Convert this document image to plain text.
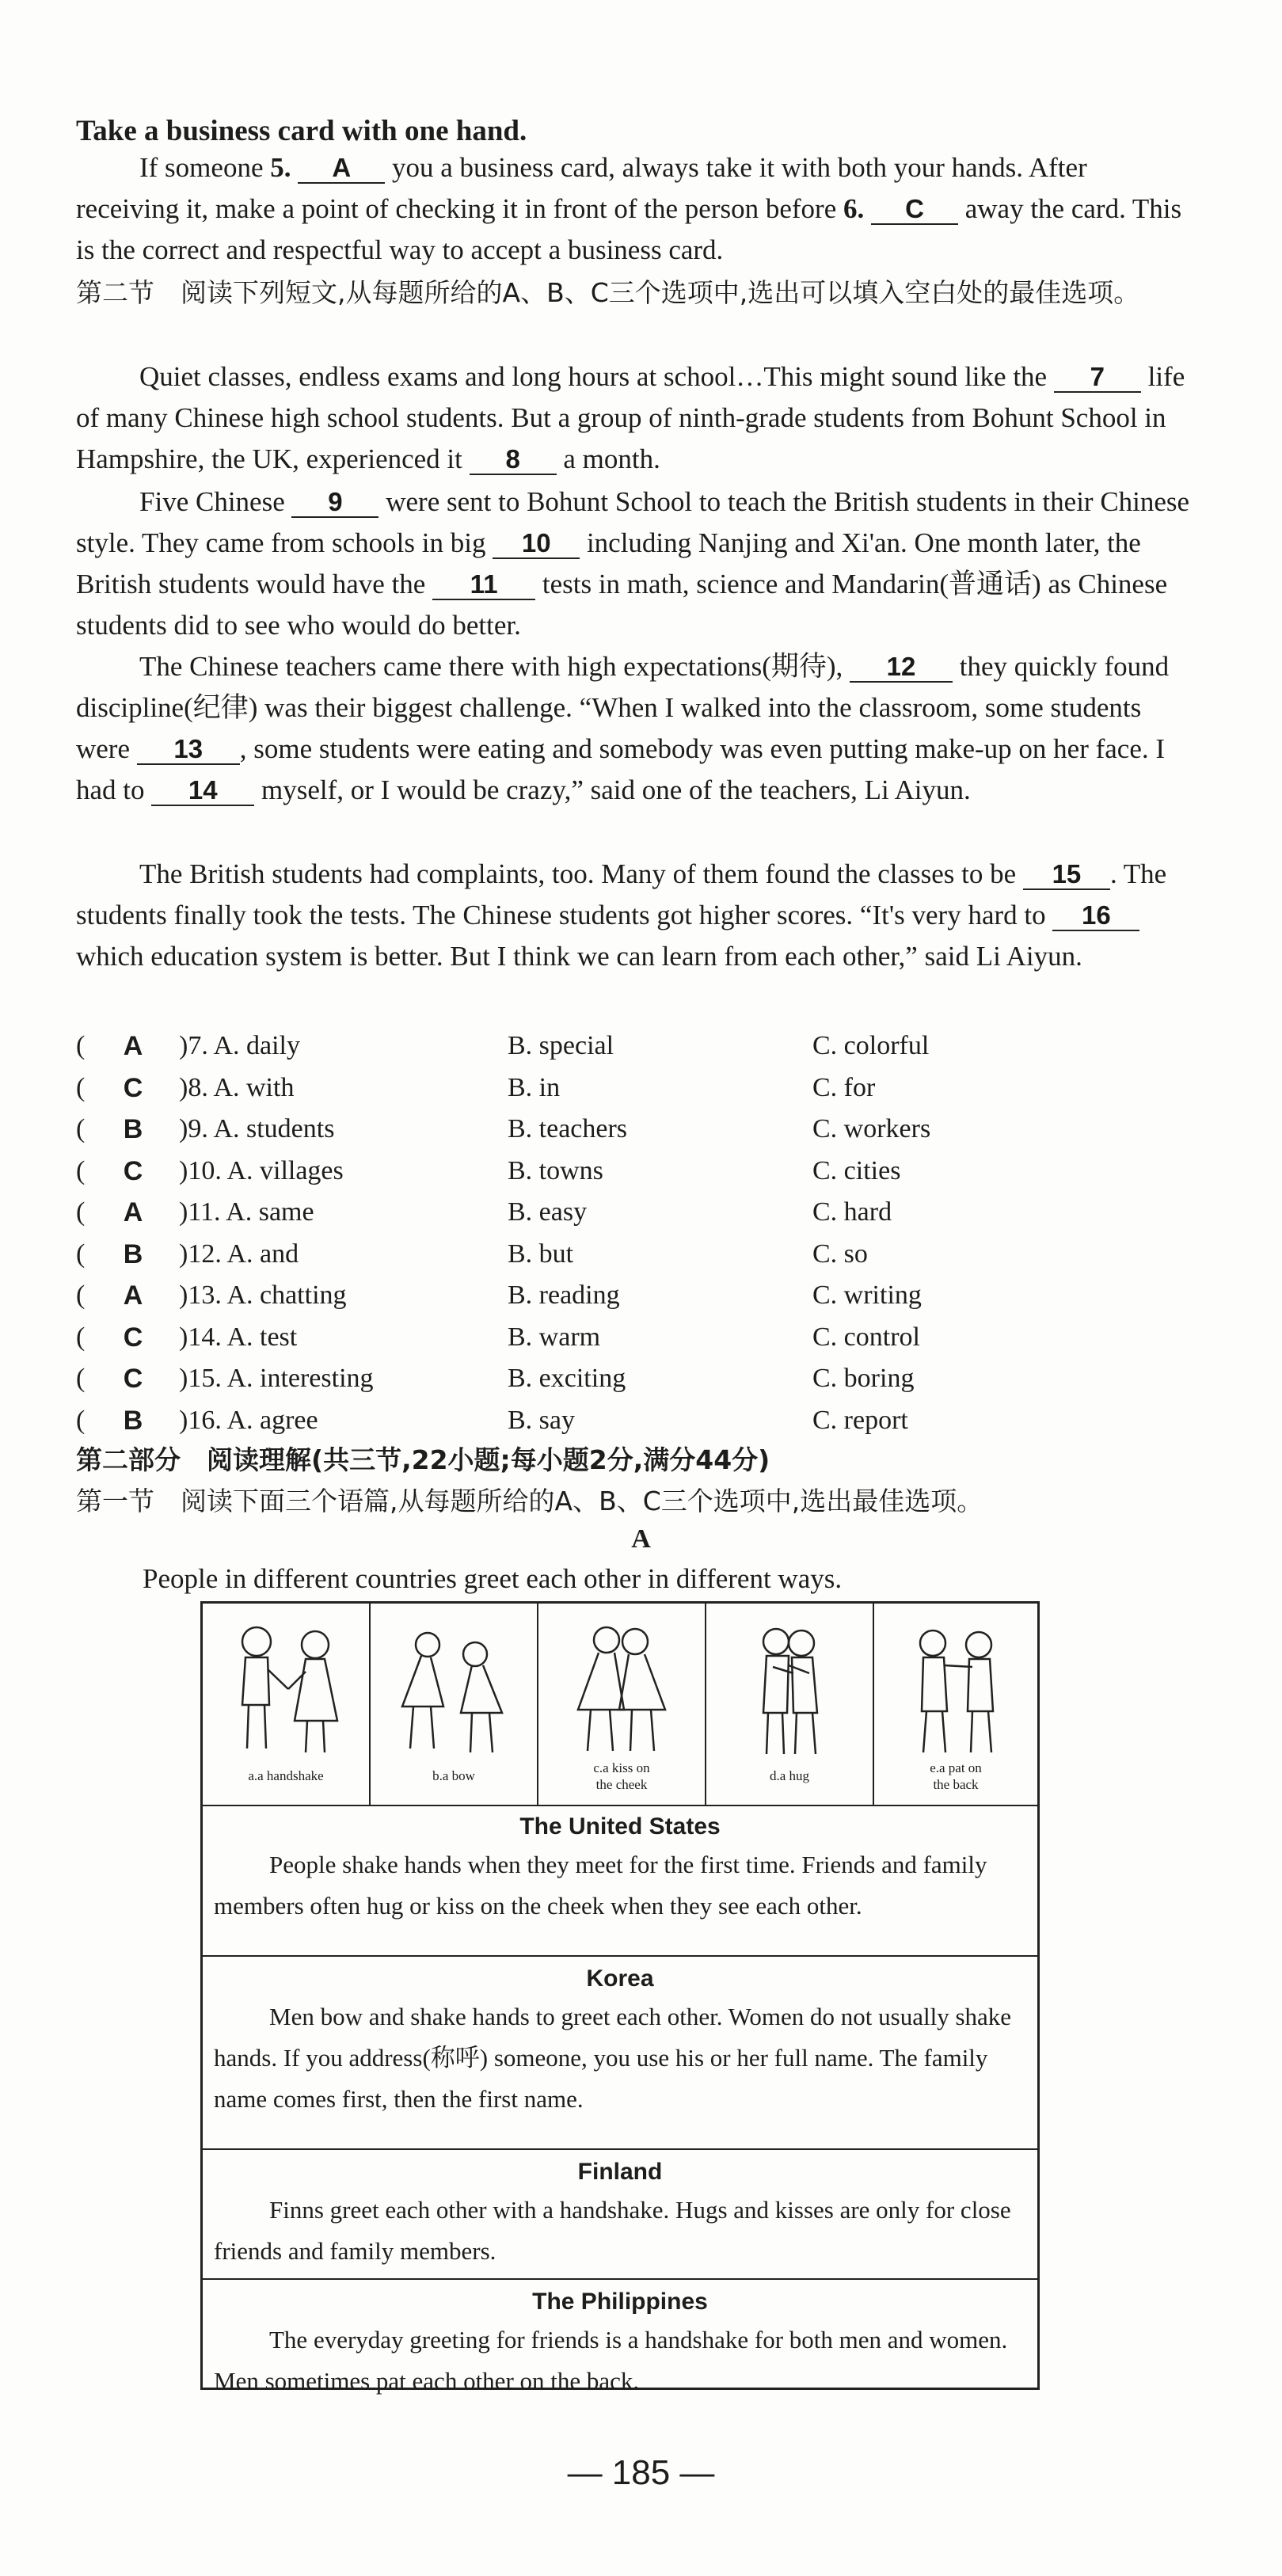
Take a business card with one hand.
If someone 5. A you a business card, always take it with both your hands. After receiving it, make a point of checking it in front of the person before 6. C away the card. This is the correct and respectful way to accept a business card.
第二节　阅读下列短文,从每题所给的A、B、C三个选项中,选出可以填入空白处的最佳选项。
Quiet classes, endless exams and long hours at school…This might sound like the 7 life of many Chinese high school students. But a group of ninth-grade students from Bohunt School in Hampshire, the UK, experienced it 8 a month.
Five Chinese 9 were sent to Bohunt School to teach the British students in their Chinese style. They came from schools in big 10 including Nanjing and Xi'an. One month later, the British students would have the 11 tests in math, science and Mandarin(普通话) as Chinese students did to see who would do better.
The Chinese teachers came there with high expectations(期待), 12 they quickly found discipline(纪律) was their biggest challenge. “When I walked into the classroom, some students were 13 , some students were eating and somebody was even putting make-up on her face. I had to 14 myself, or I would be crazy,” said one of the teachers, Li Aiyun.
The British students had complaints, too. Many of them found the classes to be 15 . The students finally took the tests. The Chinese students got higher scores. “It's very hard to 16 which education system is better. But I think we can learn from each other,” said Li Aiyun.
( A )7. A. daily	B. special	C. colorful
( C )8. A. with	B. in	C. for
( B )9. A. students	B. teachers	C. workers
( C )10. A. villages	B. towns	C. cities
( A )11. A. same	B. easy	C. hard
( B )12. A. and	B. but	C. so
( A )13. A. chatting	B. reading	C. writing
( C )14. A. test	B. warm	C. control
( C )15. A. interesting	B. exciting	C. boring
( B )16. A. agree	B. say	C. report
第二部分　阅读理解(共三节,22小题;每小题2分,满分44分)
第一节　阅读下面三个语篇,从每题所给的A、B、C三个选项中,选出最佳选项。
A
People in different countries greet each other in different ways.
a.a handshake	b.a bow
c.a kiss on
the cheek
d.a hug
e.a pat on
the back
The United States

People shake hands when they meet for the first time. Friends and family members often hug or kiss on the cheek when they see each other.

Korea

Men bow and shake hands to greet each other. Women do not usually shake hands. If you address(称呼) someone, you use his or her full name. The family name comes first, then the first name.

Finland

Finns greet each other with a handshake. Hugs and kisses are only for close friends and family members.

The Philippines

The everyday greeting for friends is a handshake for both men and women. Men sometimes pat each other on the back.

— 185 —
